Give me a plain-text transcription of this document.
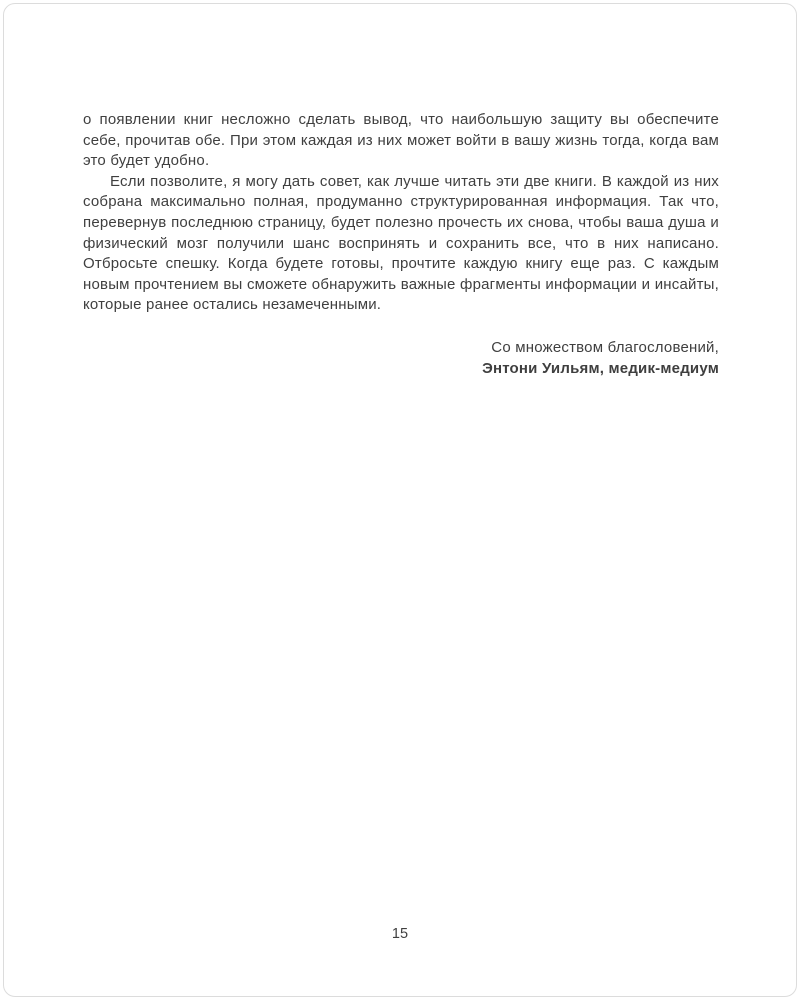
о появлении книг несложно сделать вывод, что наибольшую защиту вы обеспечите себе, прочитав обе. При этом каждая из них может войти в вашу жизнь тогда, когда вам это будет удобно.

Если позволите, я могу дать совет, как лучше читать эти две книги. В каждой из них собрана максимально полная, продуманно структурированная информация. Так что, перевернув последнюю страницу, будет полезно прочесть их снова, чтобы ваша душа и физический мозг получили шанс воспринять и сохранить все, что в них написано. Отбросьте спешку. Когда будете готовы, прочтите каждую книгу еще раз. С каждым новым прочтением вы сможете обнаружить важные фрагменты информации и инсайты, которые ранее остались незамеченными.

Со множеством благословений,
Энтони Уильям, медик-медиум
15
